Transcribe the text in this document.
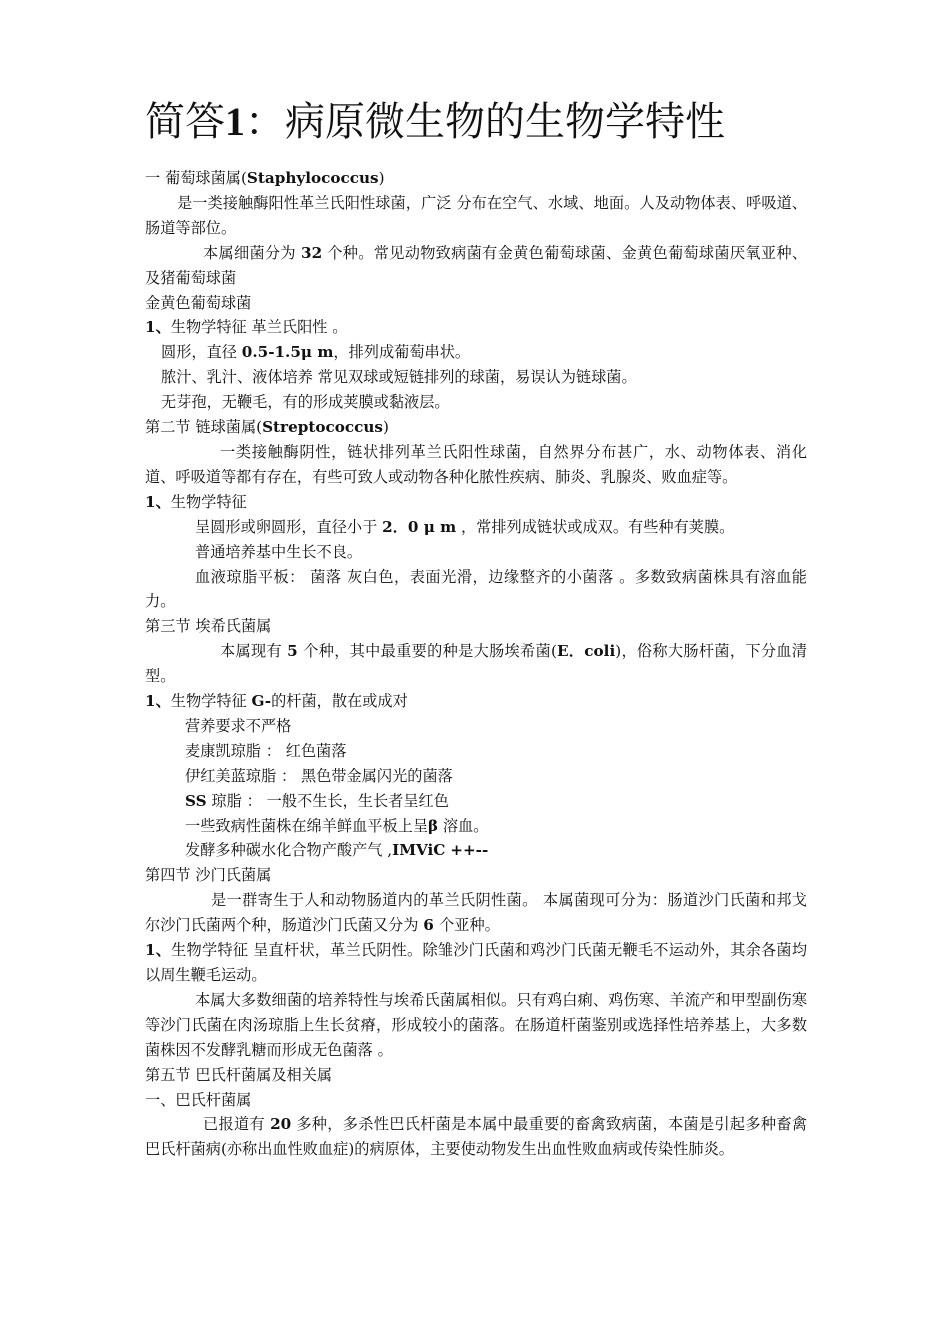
简答1：病原微生物的生物学特性

一 葡萄球菌属(Staphylococcus)

是一类接触酶阳性革兰氏阳性球菌，广泛 分布在空气、水域、地面。人及动物体表、呼吸道、肠道等部位。

本属细菌分为 32 个种。常见动物致病菌有金黄色葡萄球菌、金黄色葡萄球菌厌氧亚种、及猪葡萄球菌

金黄色葡萄球菌

1、生物学特征 革兰氏阳性 。

圆形，直径 0.5-1.5μ m，排列成葡萄串状。

脓汁、乳汁、液体培养 常见双球或短链排列的球菌，易误认为链球菌。

无芽孢，无鞭毛，有的形成荚膜或黏液层。

第二节 链球菌属(Streptococcus)

一类接触酶阴性，链状排列革兰氏阳性球菌，自然界分布甚广，水、动物体表、消化道、呼吸道等都有存在，有些可致人或动物各种化脓性疾病、肺炎、乳腺炎、败血症等。

1、生物学特征

呈圆形或卵圆形，直径小于 2．0 μ m ，常排列成链状或成双。有些种有荚膜。

普通培养基中生长不良。

血液琼脂平板： 菌落 灰白色，表面光滑，边缘整齐的小菌落 。多数致病菌株具有溶血能力。

第三节 埃希氏菌属

本属现有 5 个种，其中最重要的种是大肠埃希菌(E．coli)，俗称大肠杆菌，下分血清型。

1、生物学特征 G-的杆菌，散在或成对

营养要求不严格

麦康凯琼脂 ： 红色菌落

伊红美蓝琼脂 ： 黑色带金属闪光的菌落

SS 琼脂 ： 一般不生长，生长者呈红色

一些致病性菌株在绵羊鲜血平板上呈β 溶血。

发酵多种碳水化合物产酸产气 ,IMViC ++--

第四节 沙门氏菌属

是一群寄生于人和动物肠道内的革兰氏阴性菌。 本属菌现可分为：肠道沙门氏菌和邦戈尔沙门氏菌两个种，肠道沙门氏菌又分为 6 个亚种。

1、生物学特征 呈直杆状，革兰氏阴性。除雏沙门氏菌和鸡沙门氏菌无鞭毛不运动外，其余各菌均以周生鞭毛运动。

本属大多数细菌的培养特性与埃希氏菌属相似。只有鸡白痢、鸡伤寒、羊流产和甲型副伤寒等沙门氏菌在肉汤琼脂上生长贫瘠，形成较小的菌落。在肠道杆菌鉴别或选择性培养基上，大多数菌株因不发酵乳糖而形成无色菌落 。

第五节 巴氏杆菌属及相关属

一、巴氏杆菌属

已报道有 20 多种，多杀性巴氏杆菌是本属中最重要的畜禽致病菌，本菌是引起多种畜禽巴氏杆菌病(亦称出血性败血症)的病原体，主要使动物发生出血性败血病或传染性肺炎。
